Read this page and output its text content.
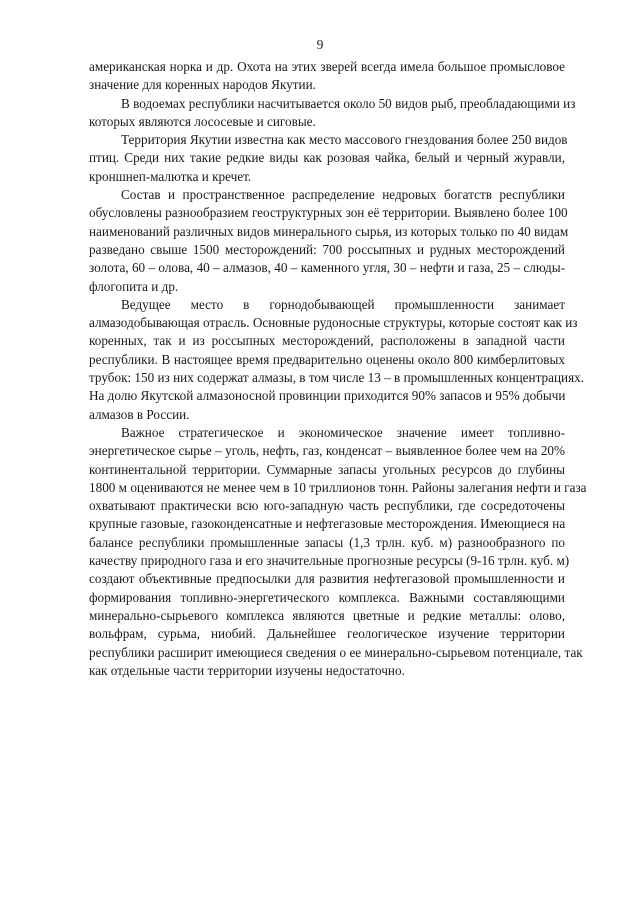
9
американская норка и др. Охота на этих зверей всегда имела большое промысловое
значение для коренных народов Якутии.
В водоемах республики насчитывается около 50 видов рыб, преобладающими из
которых являются лососевые и сиговые.
Территория Якутии известна как место массового гнездования более 250 видов
птиц. Среди них такие редкие виды как розовая чайка, белый и черный журавли,
кроншнеп-малютка и кречет.
Состав и пространственное распределение недровых богатств республики
обусловлены разнообразием геоструктурных зон её территории. Выявлено более 100
наименований различных видов минерального сырья, из которых только по 40 видам
разведано свыше 1500 месторождений: 700 россыпных и рудных месторождений
золота, 60 – олова, 40 – алмазов, 40 – каменного угля, 30 – нефти и газа, 25 – слюды-
флогопита и др.
Ведущее место в горнодобывающей промышленности занимает
алмазодобывающая отрасль. Основные рудоносные структуры, которые состоят как из
коренных, так и из россыпных месторождений, расположены в западной части
республики. В настоящее время предварительно оценены около 800 кимберлитовых
трубок: 150 из них содержат алмазы, в том числе 13 – в промышленных концентрациях.
На долю Якутской алмазоносной провинции приходится 90% запасов и 95% добычи
алмазов в России.
Важное стратегическое и экономическое значение имеет топливно-
энергетическое сырье – уголь, нефть, газ, конденсат – выявленное более чем на 20%
континентальной территории. Суммарные запасы угольных ресурсов до глубины
1800 м оцениваются не менее чем в 10 триллионов тонн. Районы залегания нефти и газа
охватывают практически всю юго-западную часть республики, где сосредоточены
крупные газовые, газоконденсатные и нефтегазовые месторождения. Имеющиеся на
балансе республики промышленные запасы (1,3 трлн. куб. м) разнообразного по
качеству природного газа и его значительные прогнозные ресурсы (9-16 трлн. куб. м)
создают объективные предпосылки для развития нефтегазовой промышленности и
формирования топливно-энергетического комплекса. Важными составляющими
минерально-сырьевого комплекса являются цветные и редкие металлы: олово,
вольфрам, сурьма, ниобий. Дальнейшее геологическое изучение территории
республики расширит имеющиеся сведения о ее минерально-сырьевом потенциале, так
как отдельные части территории изучены недостаточно.
